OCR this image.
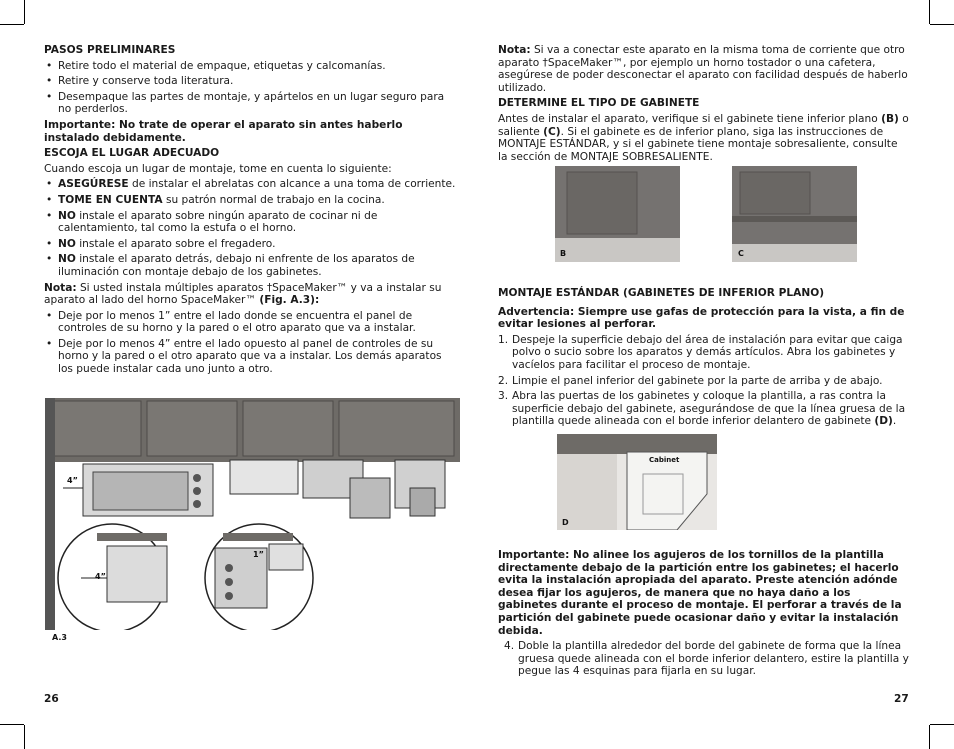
PASOS PRELIMINARES
• Retire todo el material de empaque, etiquetas y calcomanías.
• Retire y conserve toda literatura.
• Desempaque las partes de montaje, y apártelos en un lugar seguro para no perderlos.

Importante: No trate de operar el aparato sin antes haberlo instalado debidamente.

ESCOJA EL LUGAR ADECUADO

Cuando escoja un lugar de montaje, tome en cuenta lo siguiente:

• ASEGÚRESE de instalar el abrelatas con alcance a una toma de corriente.
• TOME EN CUENTA su patrón normal de trabajo en la cocina.
• NO instale el aparato sobre ningún aparato de cocinar ni de calentamiento, tal como la estufa o el horno.
• NO instale el aparato sobre el fregadero.
• NO instale el aparato detrás, debajo ni enfrente de los aparatos de iluminación con montaje debajo de los gabinetes.

Nota: Si usted instala múltiples aparatos †SpaceMaker™ y va a instalar su aparato al lado del horno SpaceMaker™ (Fig. A.3):

• Deje por lo menos 1” entre el lado donde se encuentra el panel de controles de su horno y la pared o el otro aparato que va a instalar.
• Deje por lo menos 4” entre el lado opuesto al panel de controles de su horno y la pared o el otro aparato que va a instalar. Los demás aparatos los puede instalar cada uno junto a otro.
4”
4”
1”
A.3
26

Nota: Si va a conectar este aparato en la misma toma de corriente que otro aparato †SpaceMaker™, por ejemplo un horno tostador o una cafetera, asegúrese de poder desconectar el aparato con facilidad después de haberlo utilizado.

DETERMINE EL TIPO DE GABINETE

Antes de instalar el aparato, verifique si el gabinete tiene inferior plano (B) o saliente (C). Si el gabinete es de inferior plano, siga las instrucciones de MONTAJE ESTÁNDAR, y si el gabinete tiene montaje sobresaliente, consulte la sección de MONTAJE SOBRESALIENTE.

B	C
MONTAJE ESTÁNDAR (GABINETES DE INFERIOR PLANO)

Advertencia: Siempre use gafas de protección para la vista, a fin de evitar lesiones al perforar.

1. Despeje la superficie debajo del área de instalación para evitar que caiga polvo o sucio sobre los aparatos y demás artículos. Abra los gabinetes y vacíelos para facilitar el proceso de montaje.
2. Limpie el panel inferior del gabinete por la parte de arriba y de abajo.
3. Abra las puertas de los gabinetes y coloque la plantilla, a ras contra la superficie debajo del gabinete, asegurándose de que la línea gruesa de la plantilla quede alineada con el borde inferior delantero de gabinete (D).
Cabinet
D

Importante: No alinee los agujeros de los tornillos de la plantilla directamente debajo de la partición entre los gabinetes; el hacerlo evita la instalación apropiada del aparato. Preste atención adónde desea fijar los agujeros, de manera que no haya daño a los gabinetes durante el proceso de montaje. El perforar a través de la partición del gabinete puede ocasionar daño y evitar la instalación debida.

4. Doble la plantilla alrededor del borde del gabinete de forma que la línea gruesa quede alineada con el borde inferior delantero, estire la plantilla y pegue las 4 esquinas para fijarla en su lugar.
27
